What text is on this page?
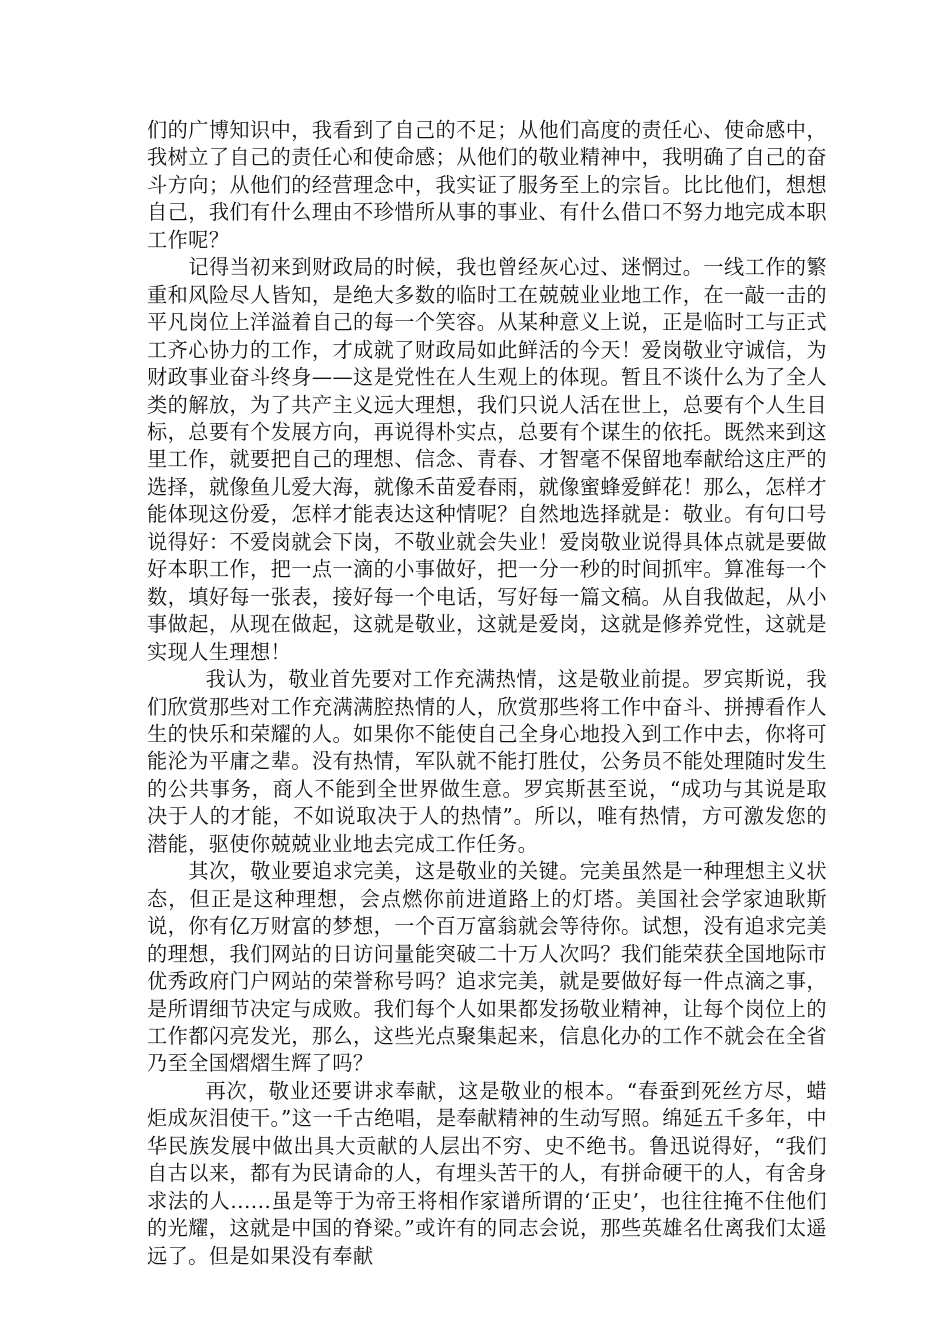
们的广博知识中，我看到了自己的不足；从他们高度的责任心、使命感中，我树立了自己的责任心和使命感；从他们的敬业精神中，我明确了自己的奋斗方向；从他们的经营理念中，我实证了服务至上的宗旨。比比他们，想想自己，我们有什么理由不珍惜所从事的事业、有什么借口不努力地完成本职工作呢？

记得当初来到财政局的时候，我也曾经灰心过、迷惘过。一线工作的繁重和风险尽人皆知，是绝大多数的临时工在兢兢业业地工作，在一敲一击的平凡岗位上洋溢着自己的每一个笑容。从某种意义上说，正是临时工与正式工齐心协力的工作，才成就了财政局如此鲜活的今天！爱岗敬业守诚信，为财政事业奋斗终身——这是党性在人生观上的体现。暂且不谈什么为了全人类的解放，为了共产主义远大理想，我们只说人活在世上，总要有个人生目标，总要有个发展方向，再说得朴实点，总要有个谋生的依托。既然来到这里工作，就要把自己的理想、信念、青春、才智毫不保留地奉献给这庄严的选择，就像鱼儿爱大海，就像禾苗爱春雨，就像蜜蜂爱鲜花！那么，怎样才能体现这份爱，怎样才能表达这种情呢？自然地选择就是：敬业。有句口号说得好：不爱岗就会下岗，不敬业就会失业！爱岗敬业说得具体点就是要做好本职工作，把一点一滴的小事做好，把一分一秒的时间抓牢。算准每一个数，填好每一张表，接好每一个电话，写好每一篇文稿。从自我做起，从小事做起，从现在做起，这就是敬业，这就是爱岗，这就是修养党性，这就是实现人生理想！

我认为，敬业首先要对工作充满热情，这是敬业前提。罗宾斯说，我们欣赏那些对工作充满满腔热情的人，欣赏那些将工作中奋斗、拼搏看作人生的快乐和荣耀的人。如果你不能使自己全身心地投入到工作中去，你将可能沦为平庸之辈。没有热情，军队就不能打胜仗，公务员不能处理随时发生的公共事务，商人不能到全世界做生意。罗宾斯甚至说，“成功与其说是取决于人的才能，不如说取决于人的热情”。所以，唯有热情，方可激发您的潜能，驱使你兢兢业业地去完成工作任务。

其次，敬业要追求完美，这是敬业的关键。完美虽然是一种理想主义状态，但正是这种理想，会点燃你前进道路上的灯塔。美国社会学家迪耿斯说，你有亿万财富的梦想，一个百万富翁就会等待你。试想，没有追求完美的理想，我们网站的日访问量能突破二十万人次吗？我们能荣获全国地际市优秀政府门户网站的荣誉称号吗？追求完美，就是要做好每一件点滴之事，是所谓细节决定与成败。我们每个人如果都发扬敬业精神，让每个岗位上的工作都闪亮发光，那么，这些光点聚集起来，信息化办的工作不就会在全省乃至全国熠熠生辉了吗？

再次，敬业还要讲求奉献，这是敬业的根本。“春蚕到死丝方尽，蜡炬成灰泪使干。”这一千古绝唱，是奉献精神的生动写照。绵延五千多年，中华民族发展中做出具大贡献的人层出不穷、史不绝书。鲁迅说得好，“我们自古以来，都有为民请命的人，有埋头苦干的人，有拼命硬干的人，有舍身求法的人......虽是等于为帝王将相作家谱所谓的‘正史’，也往往掩不住他们的光耀，这就是中国的脊梁。”或许有的同志会说，那些英雄名仕离我们太遥远了。但是如果没有奉献
